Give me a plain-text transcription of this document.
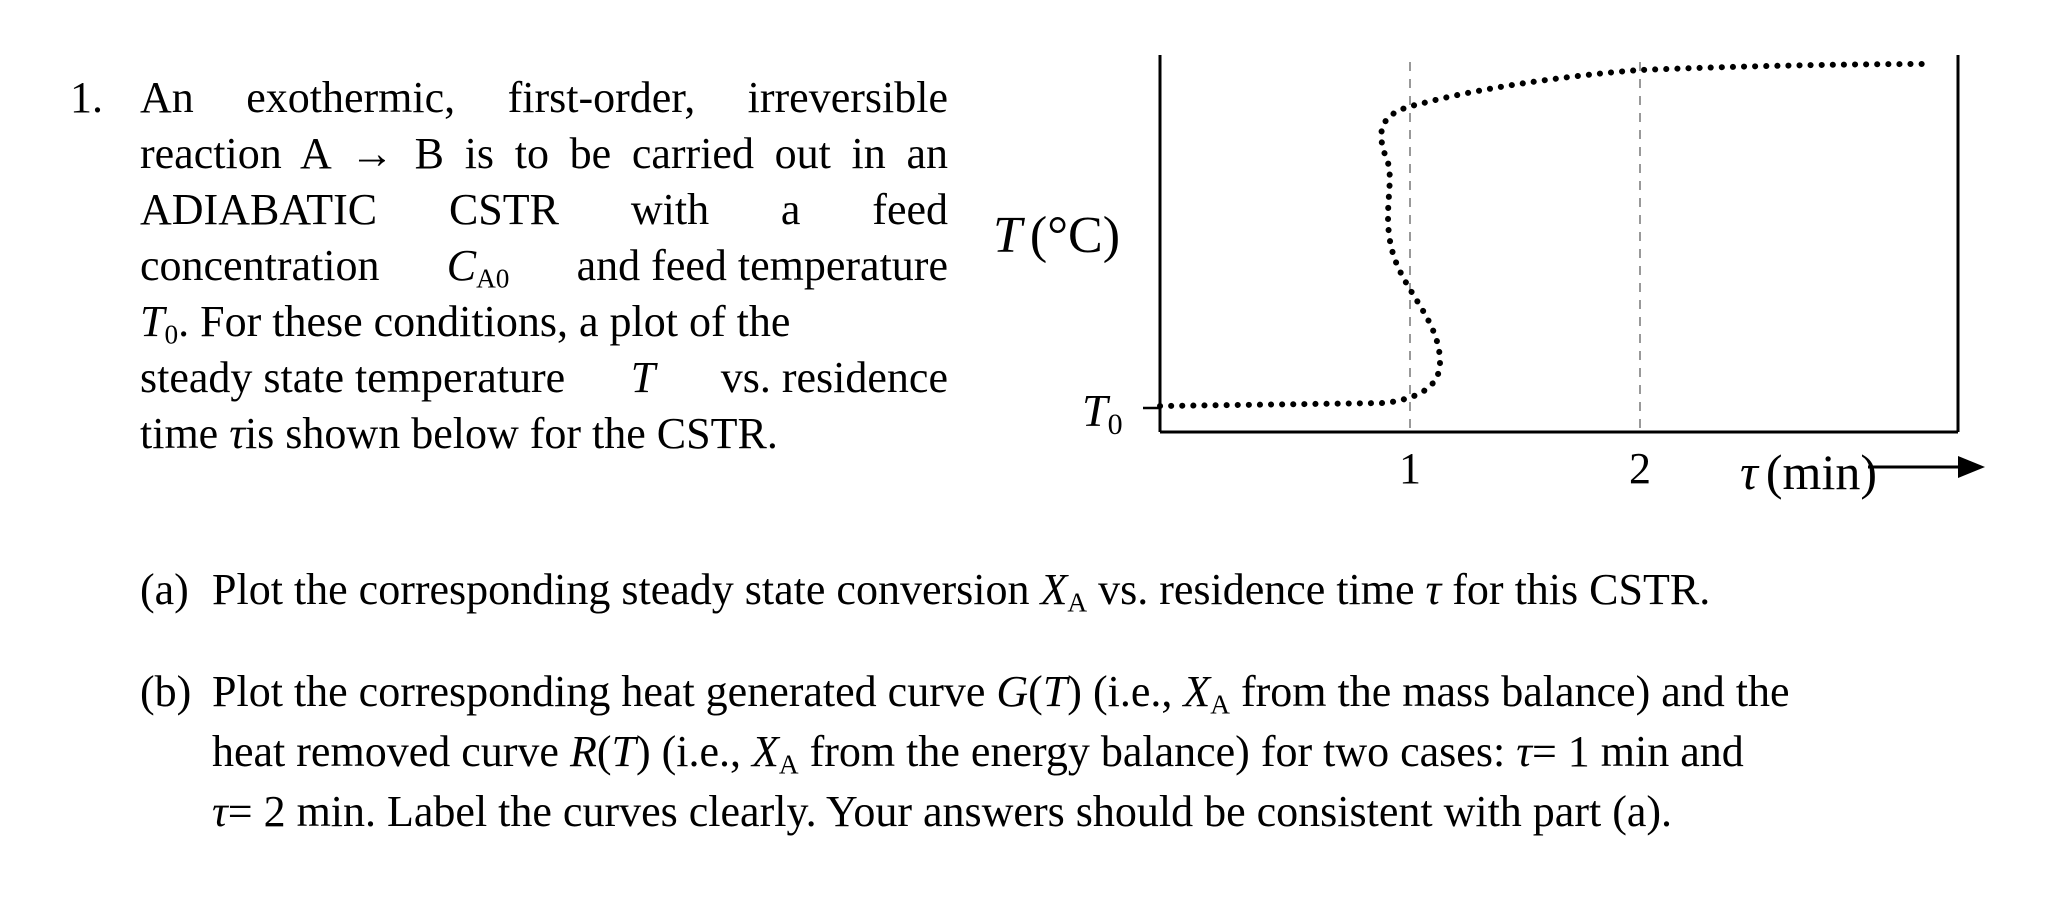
1. An exothermic, first-order, irreversible
reaction A → B is to be carried out in an
ADIABATIC CSTR with a feed
concentration $C_{A0}$ and feed temperature
$T_0$. For these conditions, a plot of the
steady state temperature T vs. residence
time τis shown below for the CSTR.
T (°C)
T0
1	2 τ (min)
(a) Plot the corresponding steady state conversion $X_A$ vs. residence time τ for this CSTR.
(b) Plot the corresponding heat generated curve G(T) (i.e., $X_A$ from the mass balance) and the
heat removed curve R(T) (i.e., $X_A$ from the energy balance) for two cases: τ= 1 min and
τ= 2 min. Label the curves clearly. Your answers should be consistent with part (a).
